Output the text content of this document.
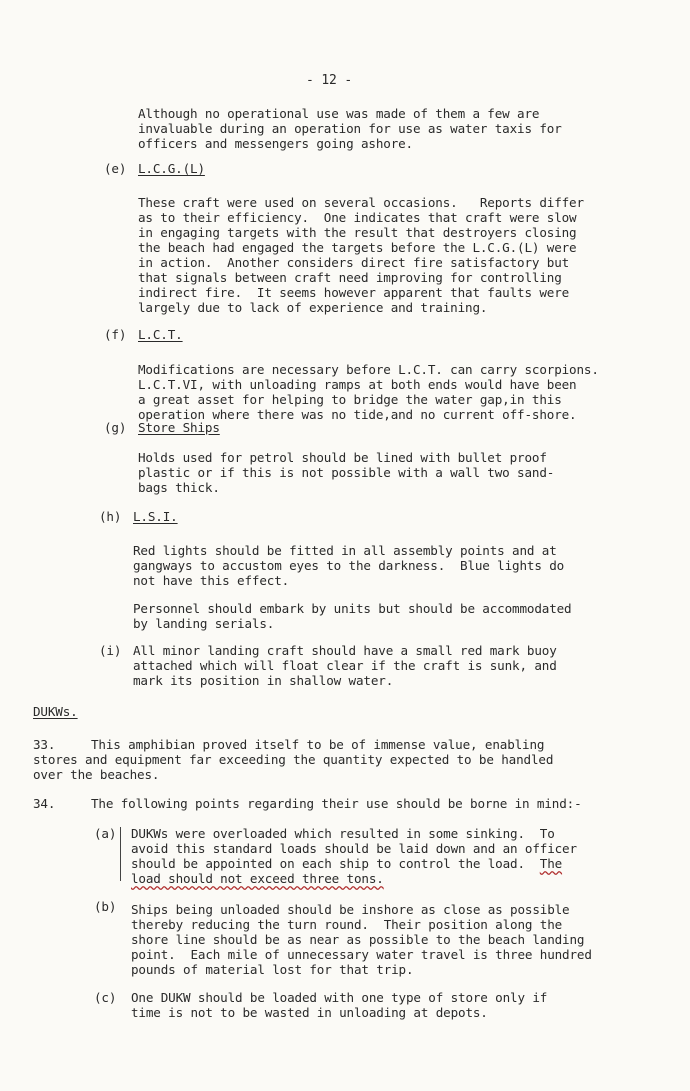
- 12 -
Although no operational use was made of them a few are
invaluable during an operation for use as water taxis for
officers and messengers going ashore.
(e) L.C.G.(L)
These craft were used on several occasions.   Reports differ
as to their efficiency.  One indicates that craft were slow
in engaging targets with the result that destroyers closing
the beach had engaged the targets before the L.C.G.(L) were
in action.  Another considers direct fire satisfactory but
that signals between craft need improving for controlling
indirect fire.  It seems however apparent that faults were
largely due to lack of experience and training.
(f) L.C.T.
Modifications are necessary before L.C.T. can carry scorpions.
L.C.T.VI, with unloading ramps at both ends would have been
a great asset for helping to bridge the water gap,in this
operation where there was no tide,and no current off-shore.
(g) Store Ships
Holds used for petrol should be lined with bullet proof
plastic or if this is not possible with a wall two sand-
bags thick.
(h) L.S.I.
Red lights should be fitted in all assembly points and at
gangways to accustom eyes to the darkness.  Blue lights do
not have this effect.
Personnel should embark by units but should be accommodated
by landing serials.
(i) All minor landing craft should have a small red mark buoy
attached which will float clear if the craft is sunk, and
mark its position in shallow water.
DUKWs.
33.	This amphibian proved itself to be of immense value, enabling
stores and equipment far exceeding the quantity expected to be handled
over the beaches.
34.	The following points regarding their use should be borne in mind:-
(a) DUKWs were overloaded which resulted in some sinking.  To
avoid this standard loads should be laid down and an officer
should be appointed on each ship to control the load.  The
load should not exceed three tons.
(b) Ships being unloaded should be inshore as close as possible
thereby reducing the turn round.  Their position along the
shore line should be as near as possible to the beach landing
point.  Each mile of unnecessary water travel is three hundred
pounds of material lost for that trip.
(c) One DUKW should be loaded with one type of store only if
time is not to be wasted in unloading at depots.
